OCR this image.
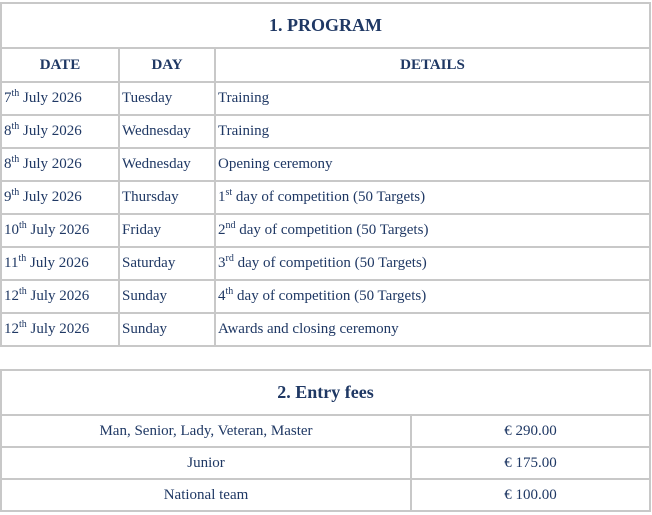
1. PROGRAM		
DATE	DAY	DETAILS
7th July 2026	Tuesday	Training
8th July 2026	Wednesday	Training
8th July 2026	Wednesday	Opening ceremony
9th July 2026	Thursday	1st day of competition (50 Targets)
10th July 2026	Friday	2nd day of competition (50 Targets)
11th July 2026	Saturday	3rd day of competition (50 Targets)
12th July 2026	Sunday	4th day of competition (50 Targets)
12th July 2026	Sunday	Awards and closing ceremony
2. Entry fees	
Man, Senior, Lady, Veteran, Master	€ 290.00
Junior	€ 175.00
National team	€ 100.00
